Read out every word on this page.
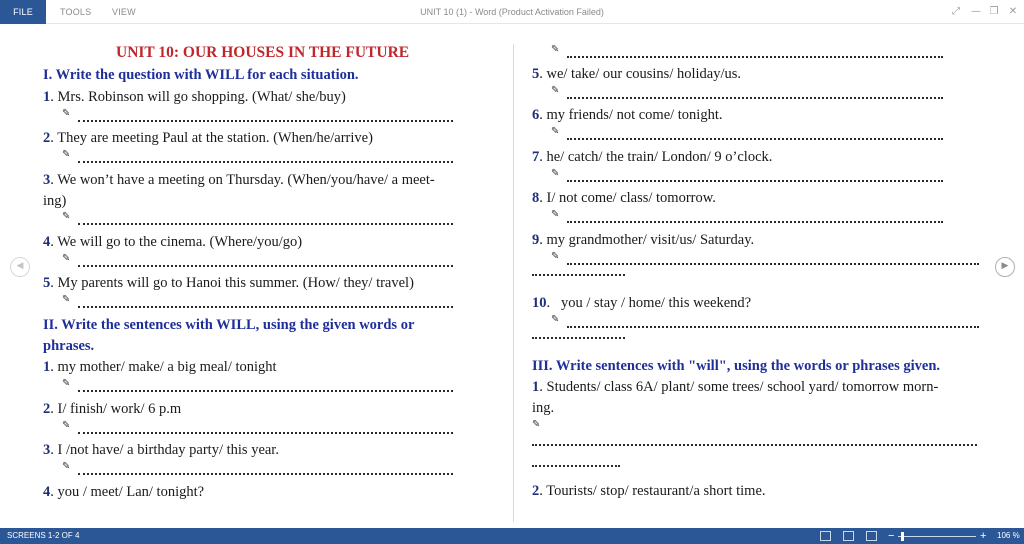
FILE	TOOLS VIEW	UNIT 10 (1) - Word (Product Activation Failed)	⤢	— ❐	✕
UNIT 10: OUR HOUSES IN THE FUTURE
I. Write the question with WILL for each situation.
1. Mrs. Robinson will go shopping. (What/ she/buy)
✎
2. They are meeting Paul at the station. (When/he/arrive)
✎
3. We won’t have a meeting on Thursday. (When/you/have/ a meet-
ing)
✎
4. We will go to the cinema. (Where/you/go)
✎
5. My parents will go to Hanoi this summer. (How/ they/ travel)
✎
II. Write the sentences with WILL, using the given words or
phrases.
1. my mother/ make/ a big meal/ tonight
✎
2. I/ finish/ work/ 6 p.m
✎
3. I /not have/ a birthday party/ this year.
✎
4. you / meet/ Lan/ tonight?
✎
5. we/ take/ our cousins/ holiday/us.
✎
6. my friends/ not come/ tonight.
✎
7. he/ catch/ the train/ London/ 9 o’clock.
✎
8. I/ not come/ class/ tomorrow.
✎
9. my grandmother/ visit/us/ Saturday.
✎
10.   you / stay / home/ this weekend?
✎
III. Write sentences with "will", using the words or phrases given.
1. Students/ class 6A/ plant/ some trees/ school yard/ tomorrow morn-
ing.
✎
2. Tourists/ stop/ restaurant/a short time.
◀	▶
SCREENS 1-2 OF 4	−	+ 106 %
